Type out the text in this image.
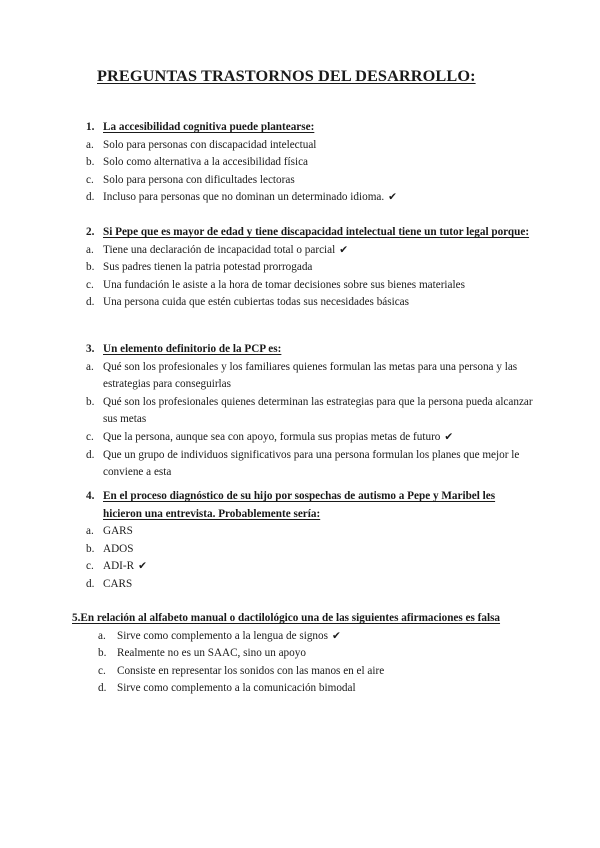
PREGUNTAS TRASTORNOS DEL DESARROLLO:
1. La accesibilidad cognitiva puede plantearse:
a. Solo para personas con discapacidad intelectual
b. Solo como alternativa a la accesibilidad física
c. Solo para persona con dificultades lectoras
d. Incluso para personas que no dominan un determinado idioma. ✔
2. Si Pepe que es mayor de edad y tiene discapacidad intelectual tiene un tutor legal porque:
a. Tiene una declaración de incapacidad total o parcial ✔
b. Sus padres tienen la patria potestad prorrogada
c. Una fundación le asiste a la hora de tomar decisiones sobre sus bienes materiales
d. Una persona cuida que estén cubiertas todas sus necesidades básicas
3. Un elemento definitorio de la PCP es:
a. Qué son los profesionales y los familiares quienes formulan las metas para una persona y las estrategias para conseguirlas
b. Qué son los profesionales quienes determinan las estrategias para que la persona pueda alcanzar sus metas
c. Que la persona, aunque sea con apoyo, formula sus propias metas de futuro ✔
d. Que un grupo de individuos significativos para una persona formulan los planes que mejor le conviene a esta
4. En el proceso diagnóstico de su hijo por sospechas de autismo a Pepe y Maribel les hicieron una entrevista. Probablemente sería:
a. GARS
b. ADOS
c. ADI-R ✔
d. CARS
5.En relación al alfabeto manual o dactilológico una de las siguientes afirmaciones es falsa
a. Sirve como complemento a la lengua de signos ✔
b. Realmente no es un SAAC, sino un apoyo
c. Consiste en representar los sonidos con las manos en el aire
d. Sirve como complemento a la comunicación bimodal
